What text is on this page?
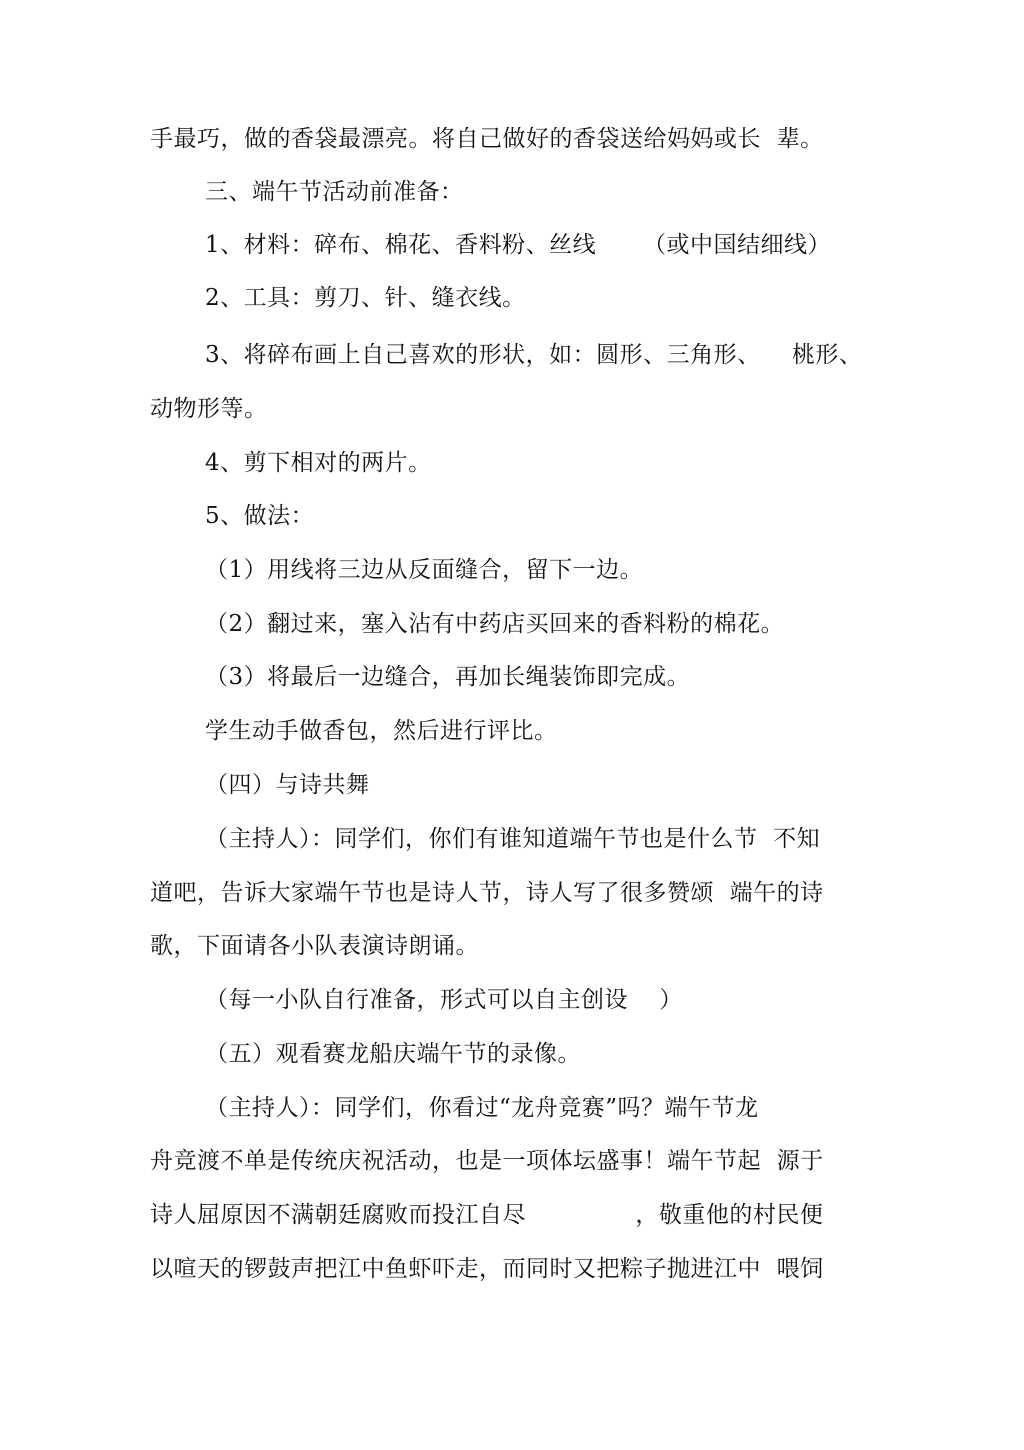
手最巧，做的香袋最漂亮。将自己做好的香袋送给妈妈或长  辈。
三、端午节活动前准备：
1、材料：碎布、棉花、香料粉、丝线      （或中国结细线）
2、工具：剪刀、针、缝衣线。
3、将碎布画上自己喜欢的形状，如：圆形、三角形、    桃形、
动物形等。
4、剪下相对的两片。
5、做法：
（1）用线将三边从反面缝合，留下一边。
（2）翻过来，塞入沾有中药店买回来的香料粉的棉花。
（3）将最后一边缝合，再加长绳装饰即完成。
学生动手做香包，然后进行评比。
（四）与诗共舞
（主持人）：同学们，你们有谁知道端午节也是什么节  不知
道吧，告诉大家端午节也是诗人节，诗人写了很多赞颂  端午的诗
歌，下面请各小队表演诗朗诵。
（每一小队自行准备，形式可以自主创设    ）
（五）观看赛龙船庆端午节的录像。
（主持人）：同学们，你看过“龙舟竞赛”吗？端午节龙
舟竞渡不单是传统庆祝活动，也是一项体坛盛事！端午节起  源于
诗人屈原因不满朝廷腐败而投江自尽              ，敬重他的村民便
以喧天的锣鼓声把江中鱼虾吓走，而同时又把粽子抛进江中  喂饲
